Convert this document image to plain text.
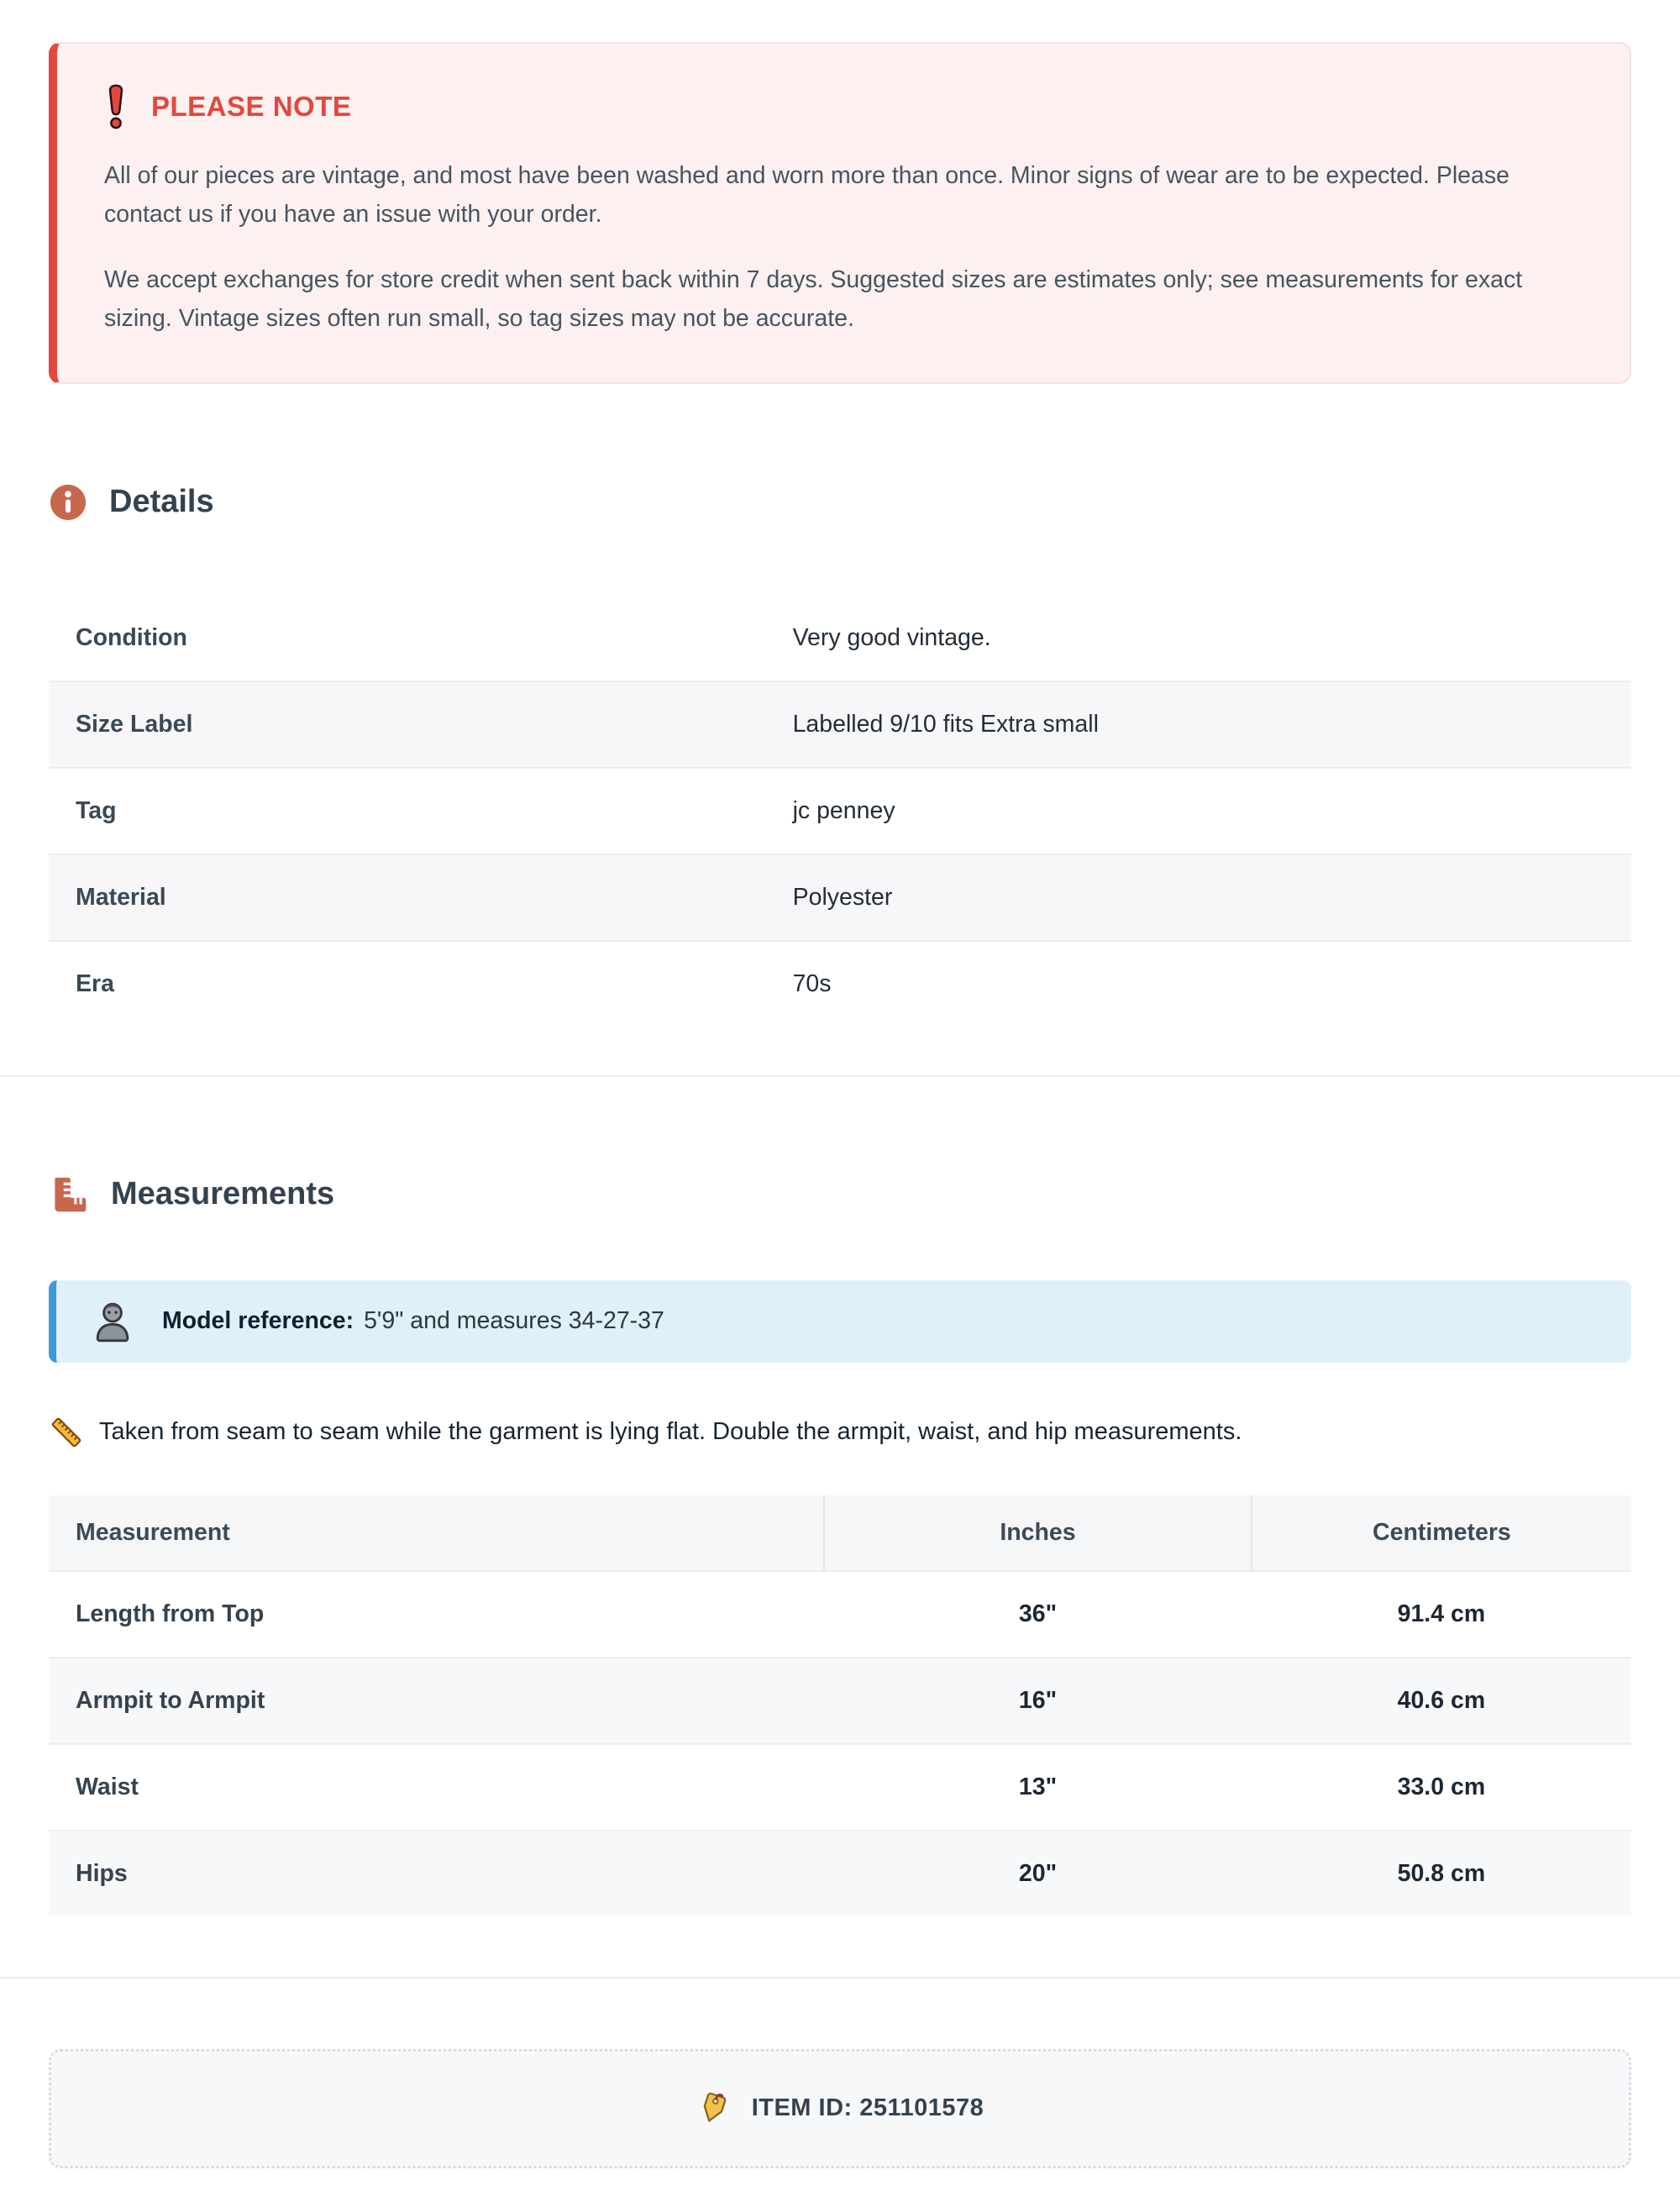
PLEASE NOTE

All of our pieces are vintage, and most have been washed and worn more than once. Minor signs of wear are to be expected. Please contact us if you have an issue with your order.

We accept exchanges for store credit when sent back within 7 days. Suggested sizes are estimates only; see measurements for exact sizing. Vintage sizes often run small, so tag sizes may not be accurate.

Details
Condition	Very good vintage.
Size Label	Labelled 9/10 fits Extra small
Tag	jc penney
Material	Polyester
Era	70s
Measurements
Model reference: 5'9" and measures 34-27-37
Taken from seam to seam while the garment is lying flat. Double the armpit, waist, and hip measurements.
Measurement	Inches	Centimeters
Length from Top	36"	91.4 cm
Armpit to Armpit	16"	40.6 cm
Waist	13"	33.0 cm
Hips	20"	50.8 cm
ITEM ID: 251101578
